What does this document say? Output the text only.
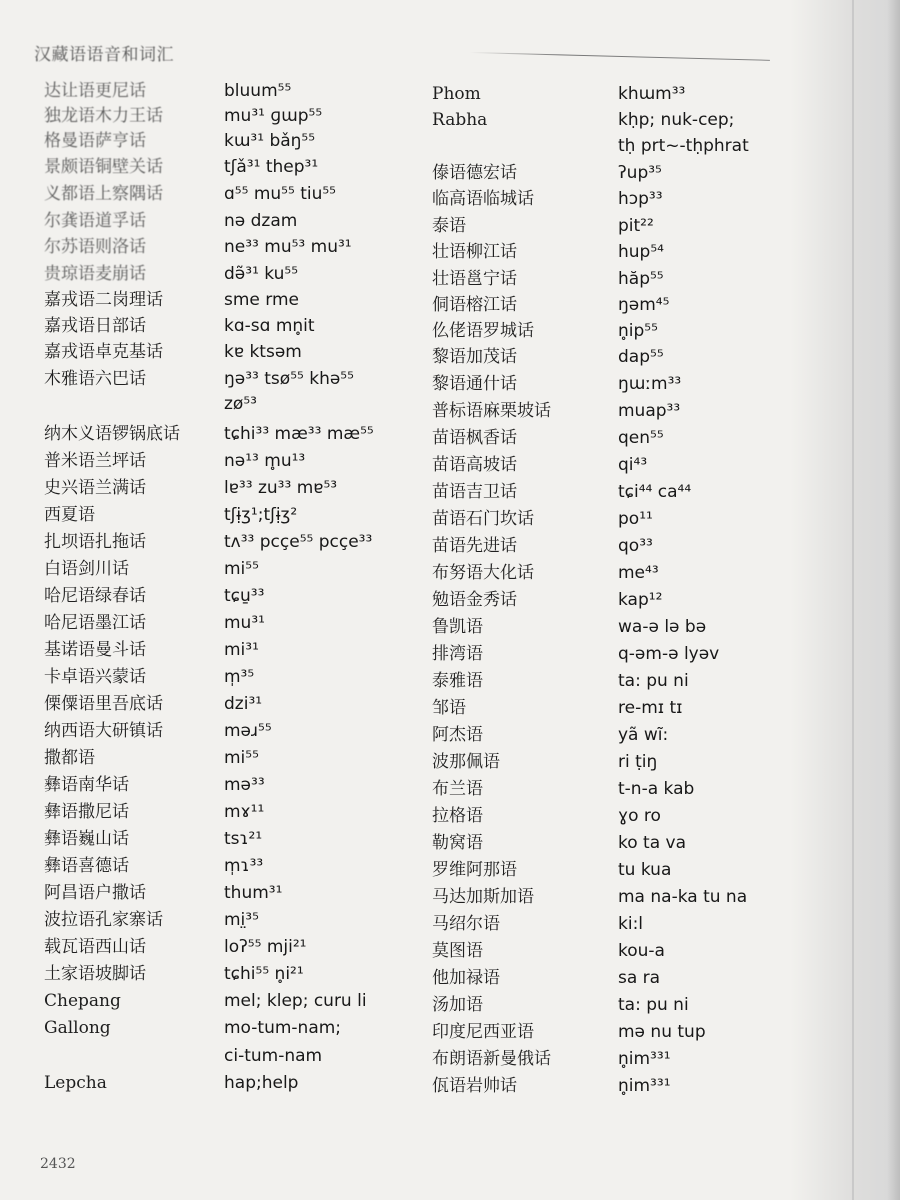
汉藏语语音和词汇
达让语更尼话
独龙语木力王话
格曼语萨亨话
景颇语铜壁关话
义都语上察隅话
尔龚语道孚话
尔苏语则洛话
贵琼语麦崩话
嘉戎语二岗理话
嘉戎语日部话
嘉戎语卓克基话
木雅语六巴话
纳木义语锣锅底话
普米语兰坪话
史兴语兰满话
西夏语
扎坝语扎拖话
白语剑川话
哈尼语绿春话
哈尼语墨江话
基诺语曼斗话
卡卓语兴蒙话
傈僳语里吾底话
纳西语大研镇话
撒都语
彝语南华话
彝语撒尼话
彝语巍山话
彝语喜德话
阿昌语户撒话
波拉语孔家寨话
载瓦语西山话
土家语坡脚话
Chepang
Gallong
Lepcha
bluum⁵⁵
mu³¹ ɡɯp⁵⁵
kɯ³¹ bǎŋ⁵⁵
tʃǎ³¹ thep³¹
ɑ⁵⁵ mu⁵⁵ tiu⁵⁵
nə dzam
ne³³ mu⁵³ mu³¹
də̃³¹ ku⁵⁵
sme rme
kɑ-sɑ mn̥it
kɐ ktsəm
ŋə³³ tsø⁵⁵ khə⁵⁵
zø⁵³
tɕhi³³ mæ³³ mæ⁵⁵
nə¹³ m̥u¹³
lɐ³³ zu³³ mɐ⁵³
tʃɨ̣ʒ¹;tʃɨ̣ʒ²
tʌ³³ pcçe⁵⁵ pcçe³³
mi⁵⁵
tɕu̱³³
mu³¹
mi³¹
m̩³⁵
dzi³¹
məɹ⁵⁵
mi⁵⁵
mə³³
mɤ¹¹
tsɿ²¹
m̩ɿ³³
thum³¹
mi̤³⁵
loʔ⁵⁵ mji²¹
tɕhi⁵⁵ n̥i²¹
mel; klep; curu li
mo-tum-nam;
ci-tum-nam
hap;help
Phom
Rabha
傣语德宏话
临高语临城话
泰语
壮语柳江话
壮语邕宁话
侗语榕江话
仫佬语罗城话
黎语加茂话
黎语通什话
普标语麻栗坡话
苗语枫香话
苗语高坡话
苗语吉卫话
苗语石门坎话
苗语先进话
布努语大化话
勉语金秀话
鲁凯语
排湾语
泰雅语
邹语
阿杰语
波那佩语
布兰语
拉格语
勒窝语
罗维阿那语
马达加斯加语
马绍尔语
莫图语
他加禄语
汤加语
印度尼西亚语
布朗语新曼俄话
佤语岩帅话
khɯm³³
kḥp; nuk-cep;
tḥ prt~-tḥphrat
ʔup³⁵
hɔp³³
pit²²
hup⁵⁴
hăp⁵⁵
ŋəm⁴⁵
n̥ip⁵⁵
dap⁵⁵
ŋɯːm³³
muap³³
qen⁵⁵
qi⁴³
tɕi⁴⁴ ca⁴⁴
po¹¹
qo³³
me⁴³
kap¹²
wa-ə lə bə
q-əm-ə lyəv
ta: pu ni
re-mɪ tɪ
yã wĩ:
ri ṭiŋ
t-n-a kab
ɣo ro
ko ta va
tu kua
ma na-ka tu na
ki:l
kou-a
sa ra
ta: pu ni
mə nu tup
n̥im³³¹
n̥im³³¹
2432
